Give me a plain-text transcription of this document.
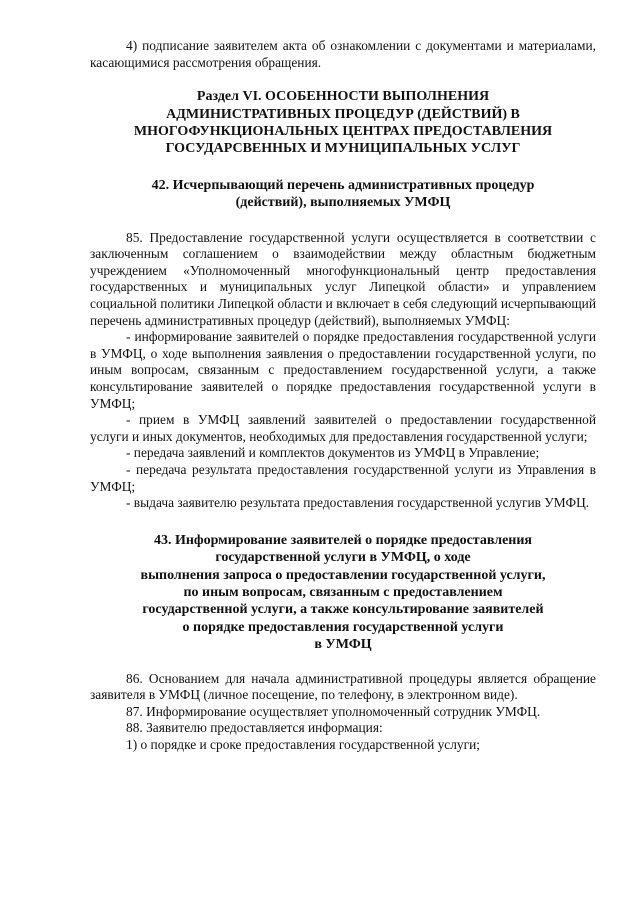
4) подписание заявителем акта об ознакомлении с документами и материалами, касающимися рассмотрения обращения.

Раздел VI. ОСОБЕННОСТИ ВЫПОЛНЕНИЯ

АДМИНИСТРАТИВНЫХ ПРОЦЕДУР (ДЕЙСТВИЙ) В

МНОГОФУНКЦИОНАЛЬНЫХ ЦЕНТРАХ ПРЕДОСТАВЛЕНИЯ

ГОСУДАРСВЕННЫХ И МУНИЦИПАЛЬНЫХ УСЛУГ

42. Исчерпывающий перечень административных процедур

(действий), выполняемых УМФЦ

85. Предоставление государственной услуги осуществляется в соответствии с заключенным соглашением о взаимодействии между областным бюджетным учреждением «Уполномоченный многофункциональный центр предоставления государственных и муниципальных услуг Липецкой области» и управлением социальной политики Липецкой области и включает в себя следующий исчерпывающий перечень административных процедур (действий), выполняемых УМФЦ:

- информирование заявителей о порядке предоставления государственной услуги в УМФЦ, о ходе выполнения заявления о предоставлении государственной услуги, по иным вопросам, связанным с предоставлением государственной услуги, а также консультирование заявителей о порядке предоставления государственной услуги в УМФЦ;

- прием в УМФЦ заявлений заявителей о предоставлении государственной услуги и иных документов, необходимых для предоставления государственной услуги;

- передача заявлений и комплектов документов из УМФЦ в Управление;

- передача результата предоставления государственной услуги из Управления в УМФЦ;

- выдача заявителю результата предоставления государственной услугив УМФЦ.

43. Информирование заявителей о порядке предоставления

государственной услуги в УМФЦ, о ходе

выполнения запроса о предоставлении государственной услуги,

по иным вопросам, связанным с предоставлением

государственной услуги, а также консультирование заявителей

о порядке предоставления государственной услуги

в УМФЦ

86. Основанием для начала административной процедуры является обращение заявителя в УМФЦ (личное посещение, по телефону, в электронном виде).

87. Информирование осуществляет уполномоченный сотрудник УМФЦ.

88. Заявителю предоставляется информация:

1) о порядке и сроке предоставления государственной услуги;
